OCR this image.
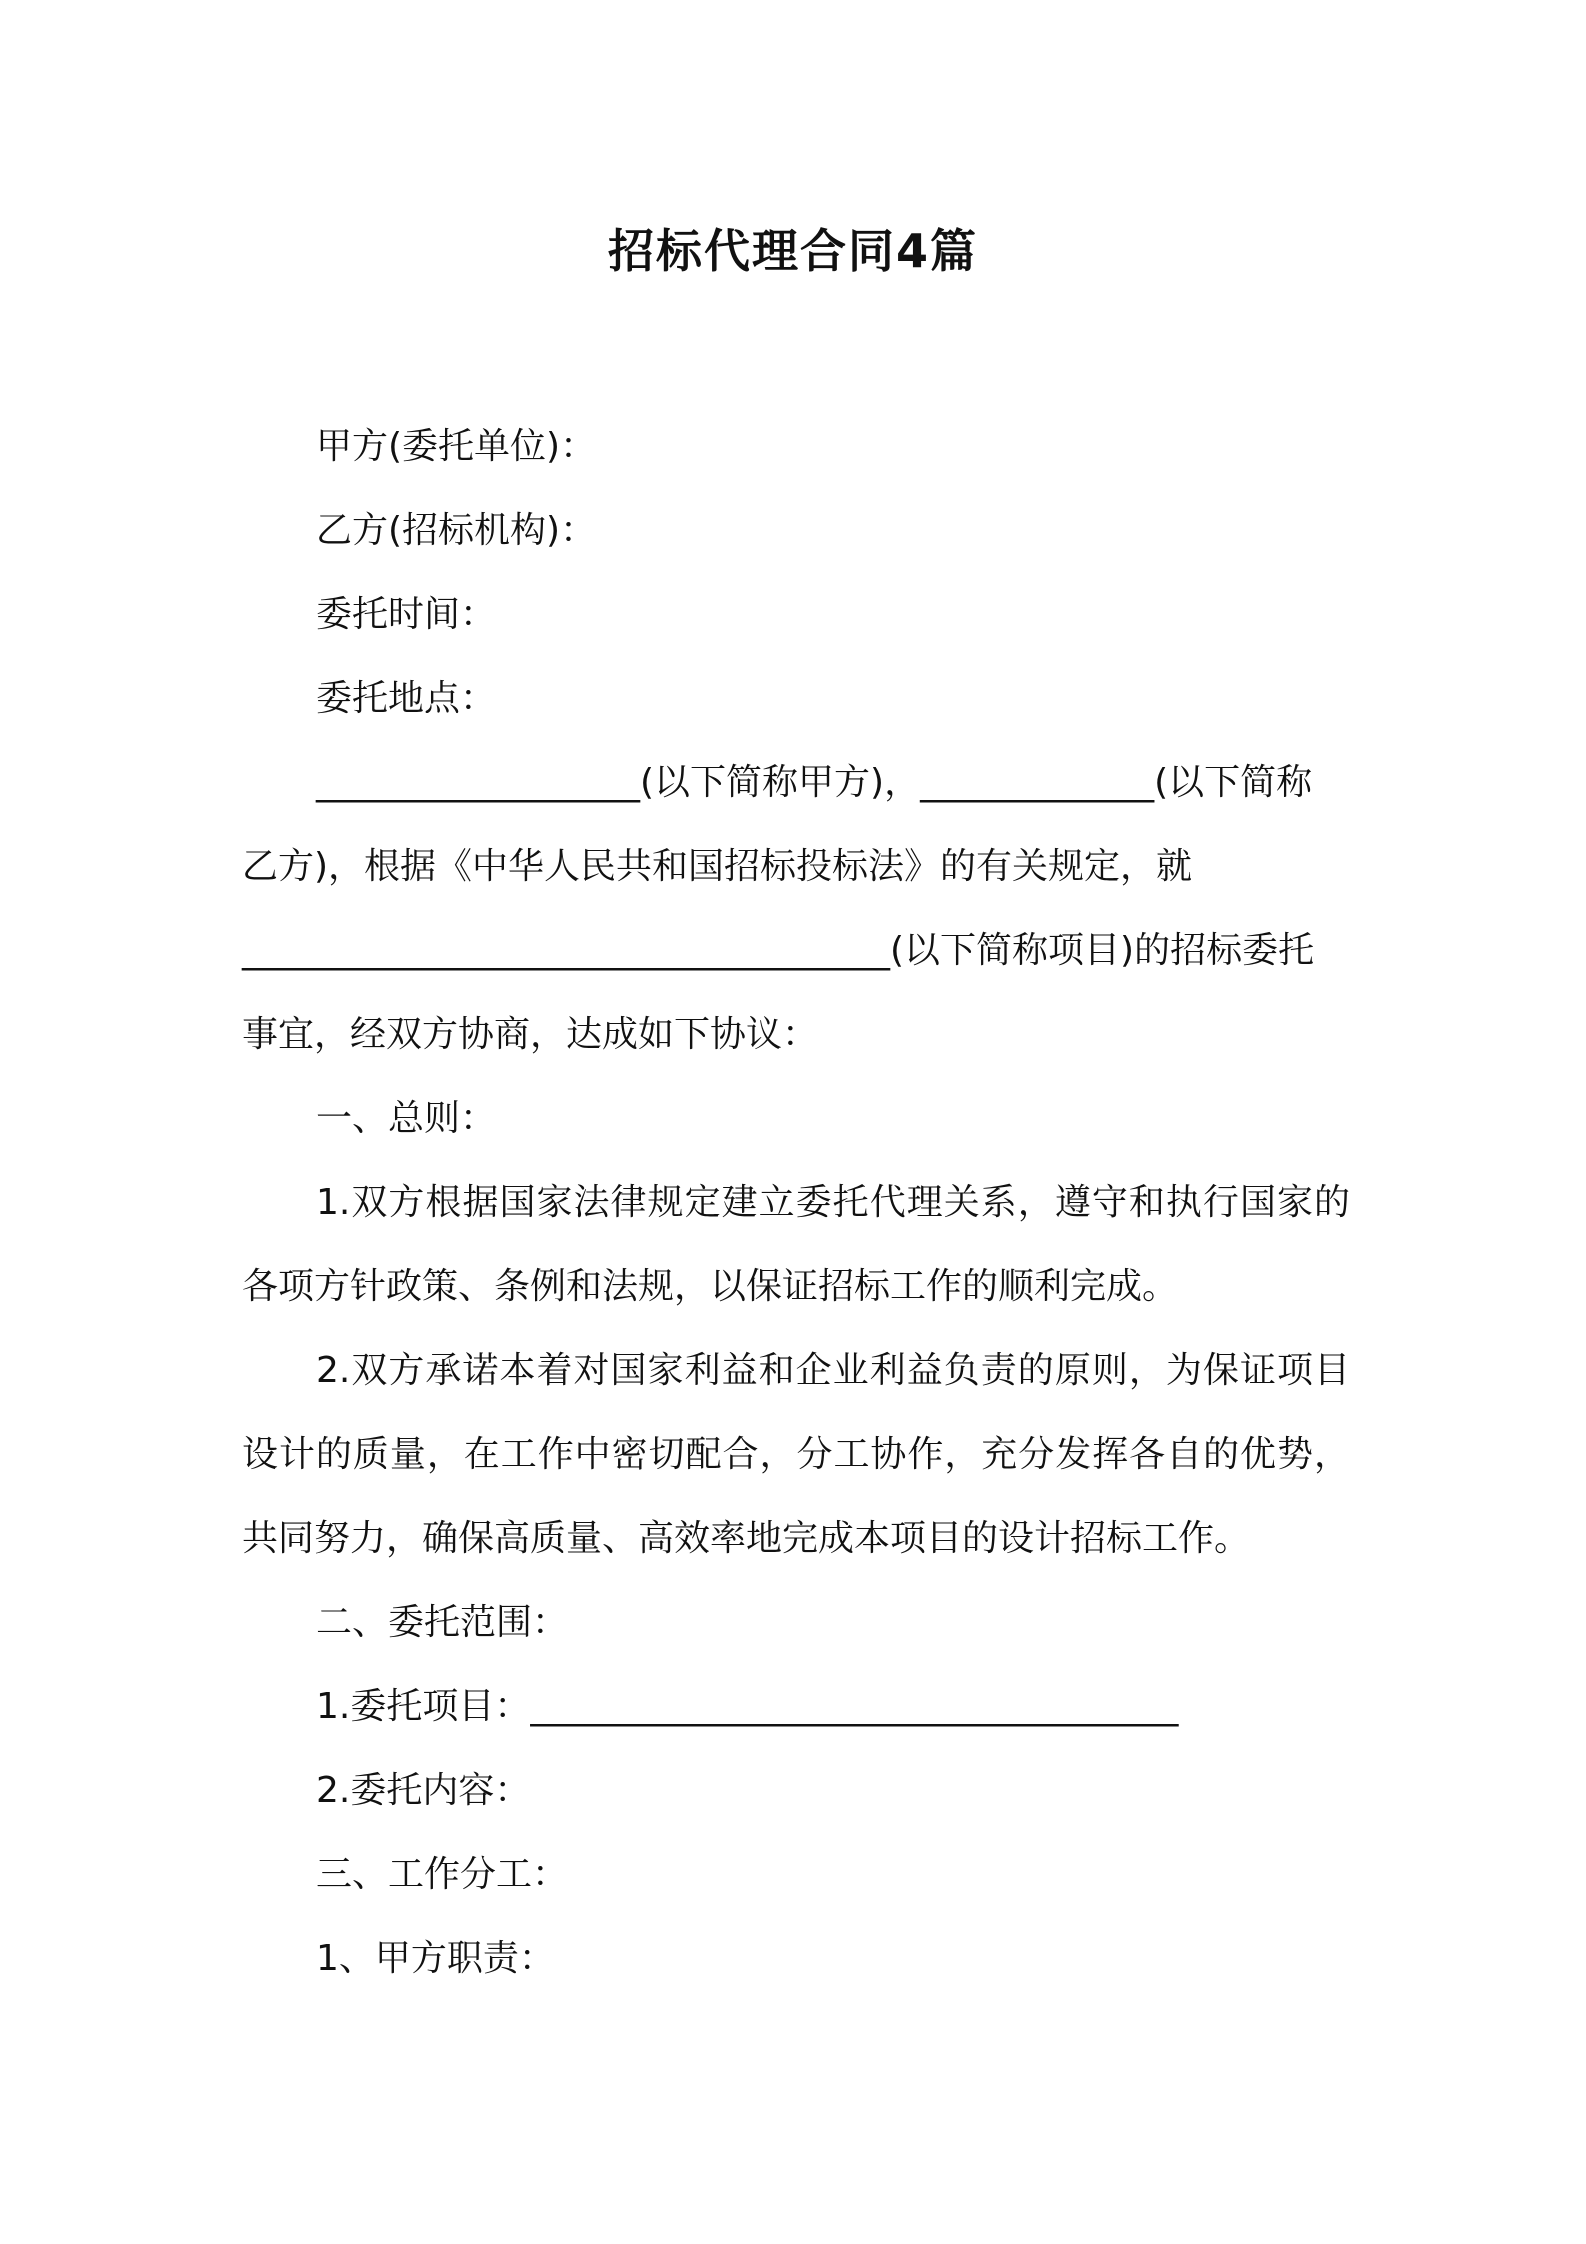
招标代理合同4篇
甲方(委托单位)：
乙方(招标机构)：
委托时间：
委托地点：
__________________(以下简称甲方)，_____________(以下简称
乙方)，根据《中华人民共和国招标投标法》的有关规定，就
____________________________________(以下简称项目)的招标委托
事宜，经双方协商，达成如下协议：
一、总则：

1.双方根据国家法律规定建立委托代理关系，遵守和执行国家的各项方针政策、条例和法规，以保证招标工作的顺利完成。

2.双方承诺本着对国家利益和企业利益负责的原则，为保证项目设计的质量，在工作中密切配合，分工协作，充分发挥各自的优势，共同努力，确保高质量、高效率地完成本项目的设计招标工作。

二、委托范围：
1.委托项目：____________________________________
2.委托内容：
三、工作分工：
1、甲方职责：
